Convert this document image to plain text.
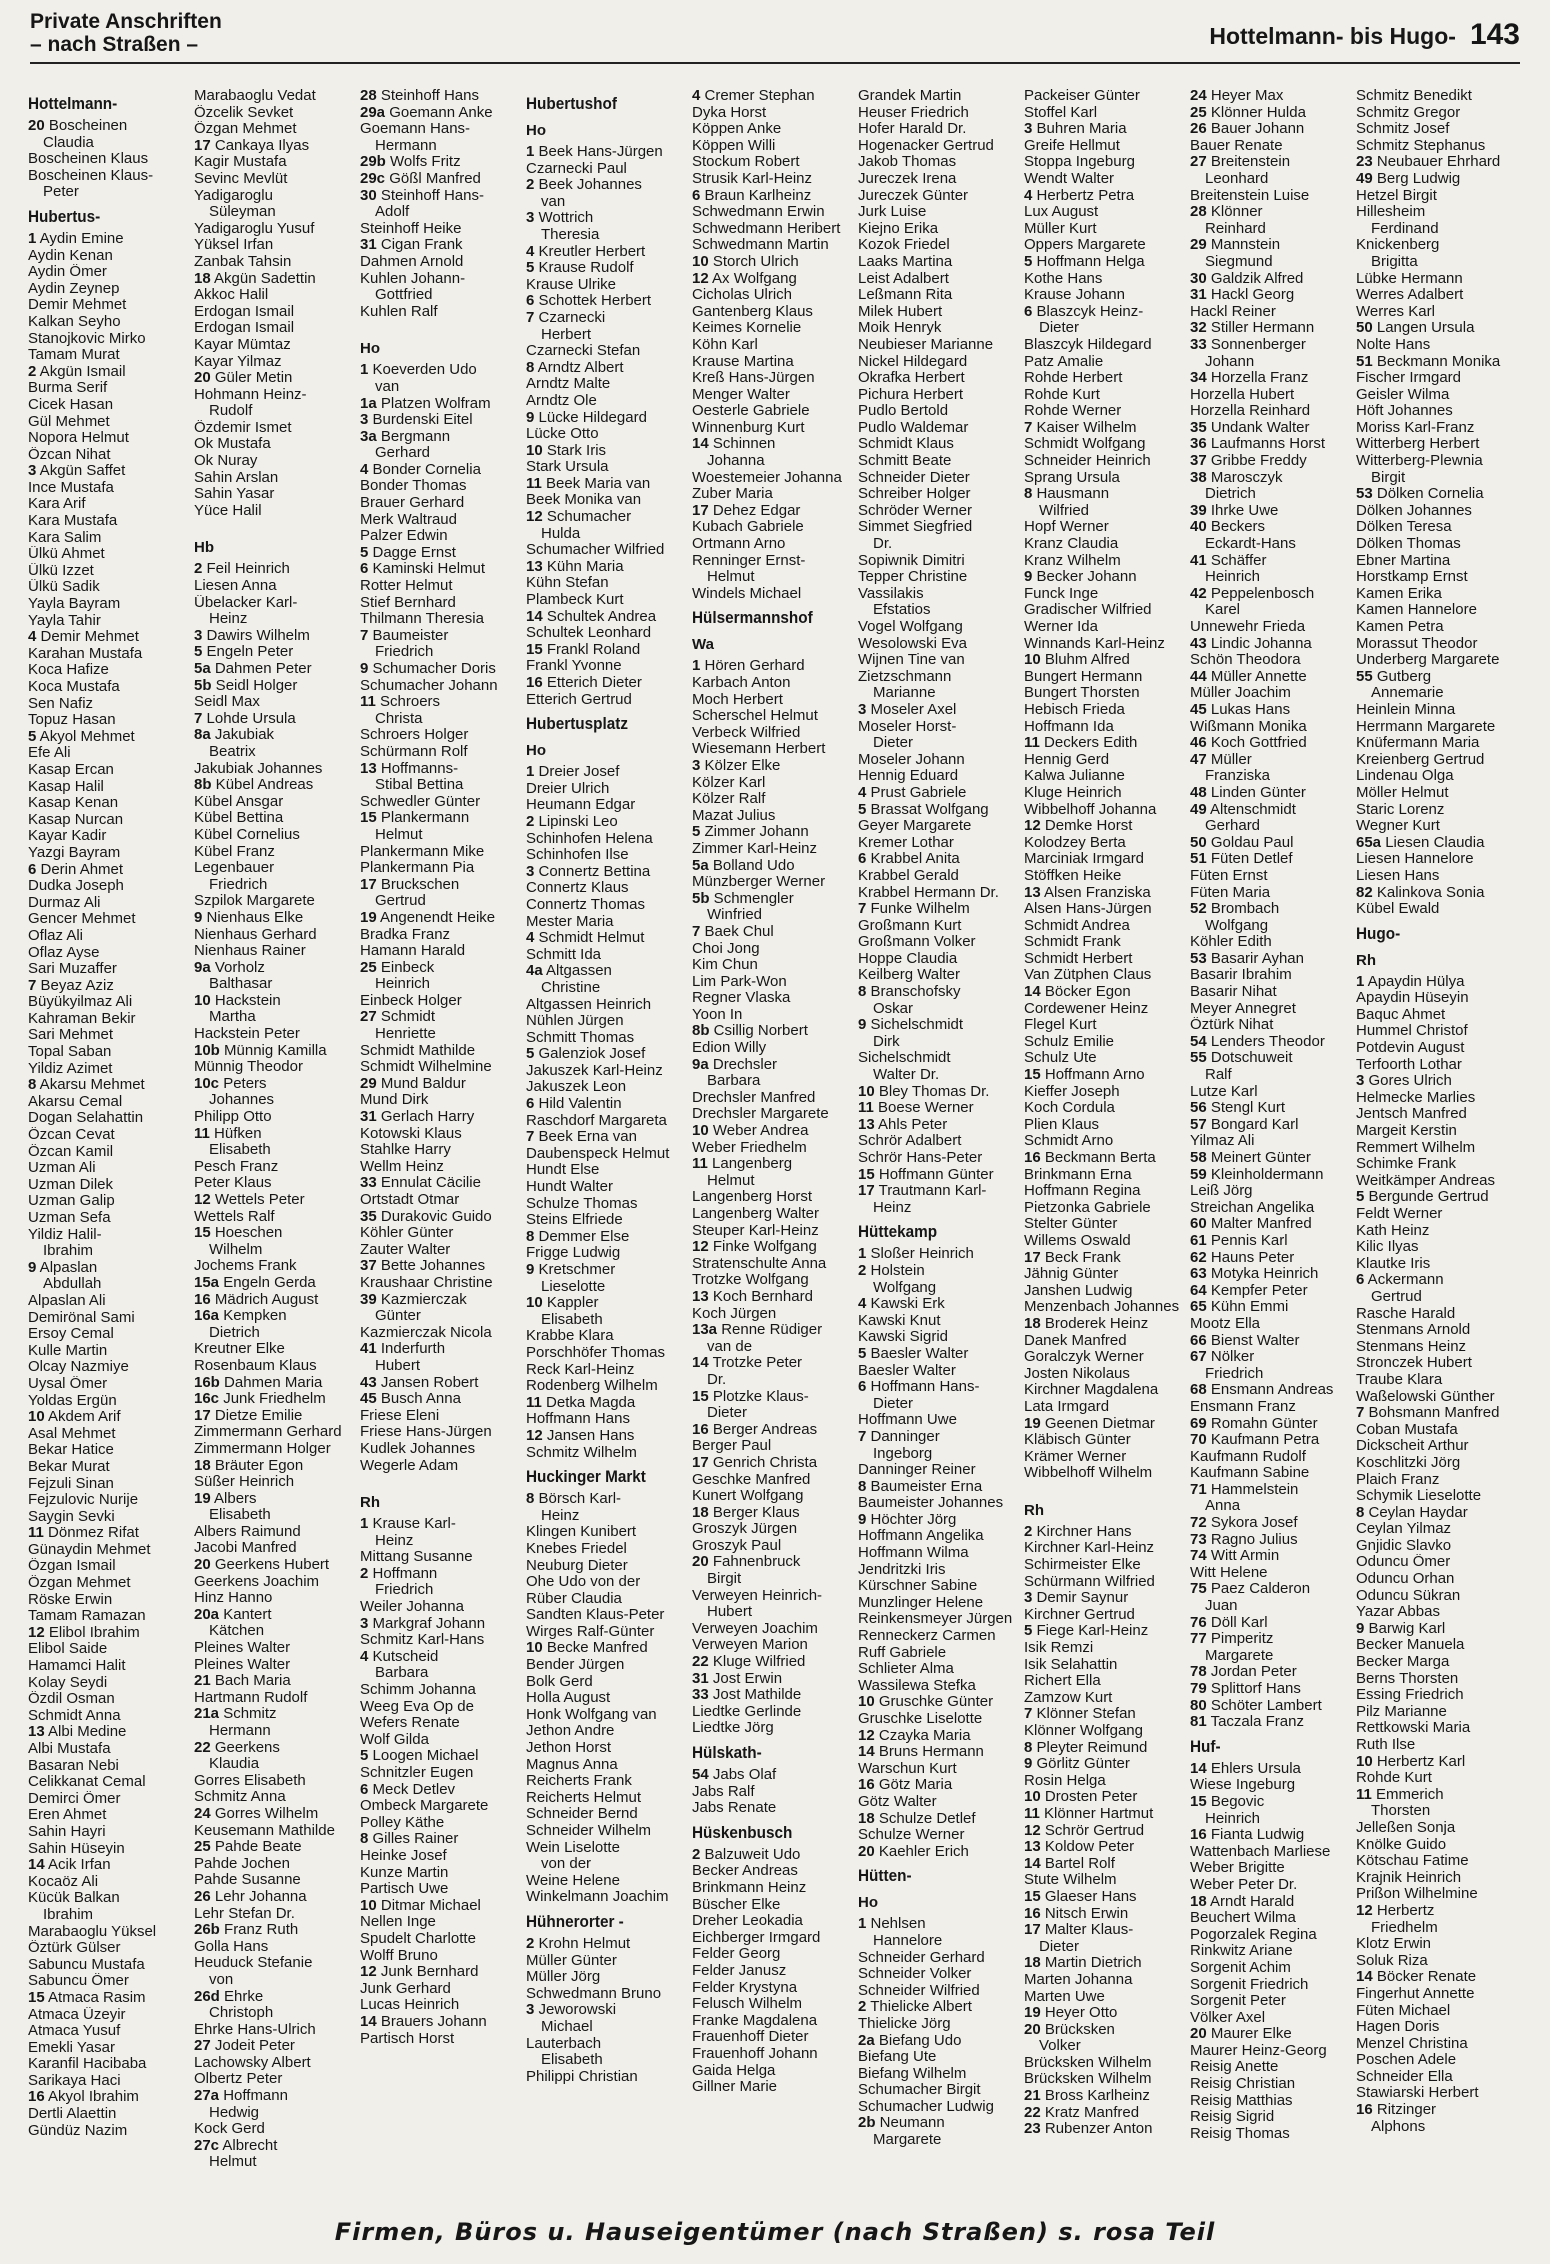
Private Anschriften
– nach Straßen –	Hottelmann- bis Hugo- 143
Hottelmann-
20 Boscheinen
Claudia
Boscheinen Klaus
Boscheinen Klaus-
Peter
Hubertus-
1 Aydin Emine
Aydin Kenan
Aydin Ömer
Aydin Zeynep
Demir Mehmet
Kalkan Seyho
Stanojkovic Mirko
Tamam Murat
2 Akgün Ismail
Burma Serif
Cicek Hasan
Gül Mehmet
Nopora Helmut
Özcan Nihat
3 Akgün Saffet
Ince Mustafa
Kara Arif
Kara Mustafa
Kara Salim
Ülkü Ahmet
Ülkü Izzet
Ülkü Sadik
Yayla Bayram
Yayla Tahir
4 Demir Mehmet
Karahan Mustafa
Koca Hafize
Koca Mustafa
Sen Nafiz
Topuz Hasan
5 Akyol Mehmet
Efe Ali
Kasap Ercan
Kasap Halil
Kasap Kenan
Kasap Nurcan
Kayar Kadir
Yazgi Bayram
6 Derin Ahmet
Dudka Joseph
Durmaz Ali
Gencer Mehmet
Oflaz Ali
Oflaz Ayse
Sari Muzaffer
7 Beyaz Aziz
Büyükyilmaz Ali
Kahraman Bekir
Sari Mehmet
Topal Saban
Yildiz Azimet
8 Akarsu Mehmet
Akarsu Cemal
Dogan Selahattin
Özcan Cevat
Özcan Kamil
Uzman Ali
Uzman Dilek
Uzman Galip
Uzman Sefa
Yildiz Halil-
Ibrahim
9 Alpaslan
Abdullah
Alpaslan Ali
Demirönal Sami
Ersoy Cemal
Kulle Martin
Olcay Nazmiye
Uysal Ömer
Yoldas Ergün
10 Akdem Arif
Asal Mehmet
Bekar Hatice
Bekar Murat
Fejzuli Sinan
Fejzulovic Nurije
Saygin Sevki
11 Dönmez Rifat
Günaydin Mehmet
Özgan Ismail
Özgan Mehmet
Röske Erwin
Tamam Ramazan
12 Elibol Ibrahim
Elibol Saide
Hamamci Halit
Kolay Seydi
Özdil Osman
Schmidt Anna
13 Albi Medine
Albi Mustafa
Basaran Nebi
Celikkanat Cemal
Demirci Ömer
Eren Ahmet
Sahin Hayri
Sahin Hüseyin
14 Acik Irfan
Kocaöz Ali
Kücük Balkan
Ibrahim
Marabaoglu Yüksel
Öztürk Gülser
Sabuncu Mustafa
Sabuncu Ömer
15 Atmaca Rasim
Atmaca Üzeyir
Atmaca Yusuf
Emekli Yasar
Karanfil Hacibaba
Sarikaya Haci
16 Akyol Ibrahim
Dertli Alaettin
Gündüz Nazim
Marabaoglu Vedat
Özcelik Sevket
Özgan Mehmet
17 Cankaya Ilyas
Kagir Mustafa
Sevinc Mevlüt
Yadigaroglu
Süleyman
Yadigaroglu Yusuf
Yüksel Irfan
Zanbak Tahsin
18 Akgün Sadettin
Akkoc Halil
Erdogan Ismail
Erdogan Ismail
Kayar Mümtaz
Kayar Yilmaz
20 Güler Metin
Hohmann Heinz-
Rudolf
Özdemir Ismet
Ok Mustafa
Ok Nuray
Sahin Arslan
Sahin Yasar
Yüce Halil
Hb
2 Feil Heinrich
Liesen Anna
Übelacker Karl-
Heinz
3 Dawirs Wilhelm
5 Engeln Peter
5a Dahmen Peter
5b Seidl Holger
Seidl Max
7 Lohde Ursula
8a Jakubiak
Beatrix
Jakubiak Johannes
8b Kübel Andreas
Kübel Ansgar
Kübel Bettina
Kübel Cornelius
Kübel Franz
Legenbauer
Friedrich
Szpilok Margarete
9 Nienhaus Elke
Nienhaus Gerhard
Nienhaus Rainer
9a Vorholz
Balthasar
10 Hackstein
Martha
Hackstein Peter
10b Münnig Kamilla
Münnig Theodor
10c Peters
Johannes
Philipp Otto
11 Hüfken
Elisabeth
Pesch Franz
Peter Klaus
12 Wettels Peter
Wettels Ralf
15 Hoeschen
Wilhelm
Jochems Frank
15a Engeln Gerda
16 Mädrich August
16a Kempken
Dietrich
Kreutner Elke
Rosenbaum Klaus
16b Dahmen Maria
16c Junk Friedhelm
17 Dietze Emilie
Zimmermann Gerhard
Zimmermann Holger
18 Bräuter Egon
Süßer Heinrich
19 Albers
Elisabeth
Albers Raimund
Jacobi Manfred
20 Geerkens Hubert
Geerkens Joachim
Hinz Hanno
20a Kantert
Kätchen
Pleines Walter
Pleines Walter
21 Bach Maria
Hartmann Rudolf
21a Schmitz
Hermann
22 Geerkens
Klaudia
Gorres Elisabeth
Schmitz Anna
24 Gorres Wilhelm
Keusemann Mathilde
25 Pahde Beate
Pahde Jochen
Pahde Susanne
26 Lehr Johanna
Lehr Stefan Dr.
26b Franz Ruth
Golla Hans
Heuduck Stefanie
von
26d Ehrke
Christoph
Ehrke Hans-Ulrich
27 Jodeit Peter
Lachowsky Albert
Olbertz Peter
27a Hoffmann
Hedwig
Kock Gerd
27c Albrecht
Helmut
28 Steinhoff Hans
29a Goemann Anke
Goemann Hans-
Hermann
29b Wolfs Fritz
29c Gößl Manfred
30 Steinhoff Hans-
Adolf
Steinhoff Heike
31 Cigan Frank
Dahmen Arnold
Kuhlen Johann-
Gottfried
Kuhlen Ralf
Ho
1 Koeverden Udo
van
1a Platzen Wolfram
3 Burdenski Eitel
3a Bergmann
Gerhard
4 Bonder Cornelia
Bonder Thomas
Brauer Gerhard
Merk Waltraud
Palzer Edwin
5 Dagge Ernst
6 Kaminski Helmut
Rotter Helmut
Stief Bernhard
Thilmann Theresia
7 Baumeister
Friedrich
9 Schumacher Doris
Schumacher Johann
11 Schroers
Christa
Schroers Holger
Schürmann Rolf
13 Hoffmanns-
Stibal Bettina
Schwedler Günter
15 Plankermann
Helmut
Plankermann Mike
Plankermann Pia
17 Bruckschen
Gertrud
19 Angenendt Heike
Bradka Franz
Hamann Harald
25 Einbeck
Heinrich
Einbeck Holger
27 Schmidt
Henriette
Schmidt Mathilde
Schmidt Wilhelmine
29 Mund Baldur
Mund Dirk
31 Gerlach Harry
Kotowski Klaus
Stahlke Harry
Wellm Heinz
33 Ennulat Cäcilie
Ortstadt Otmar
35 Durakovic Guido
Köhler Günter
Zauter Walter
37 Bette Johannes
Kraushaar Christine
39 Kazmierczak
Günter
Kazmierczak Nicola
41 Inderfurth
Hubert
43 Jansen Robert
45 Busch Anna
Friese Eleni
Friese Hans-Jürgen
Kudlek Johannes
Wegerle Adam
Rh
1 Krause Karl-
Heinz
Mittang Susanne
2 Hoffmann
Friedrich
Weiler Johanna
3 Markgraf Johann
Schmitz Karl-Hans
4 Kutscheid
Barbara
Schimm Johanna
Weeg Eva Op de
Wefers Renate
Wolf Gilda
5 Loogen Michael
Schnitzler Eugen
6 Meck Detlev
Ombeck Margarete
Polley Käthe
8 Gilles Rainer
Heinke Josef
Kunze Martin
Partisch Uwe
10 Ditmar Michael
Nellen Inge
Spudelt Charlotte
Wolff Bruno
12 Junk Bernhard
Junk Gerhard
Lucas Heinrich
14 Brauers Johann
Partisch Horst
Hubertushof
Ho
1 Beek Hans-Jürgen
Czarnecki Paul
2 Beek Johannes
van
3 Wottrich
Theresia
4 Kreutler Herbert
5 Krause Rudolf
Krause Ulrike
6 Schottek Herbert
7 Czarnecki
Herbert
Czarnecki Stefan
8 Arndtz Albert
Arndtz Malte
Arndtz Ole
9 Lücke Hildegard
Lücke Otto
10 Stark Iris
Stark Ursula
11 Beek Maria van
Beek Monika van
12 Schumacher
Hulda
Schumacher Wilfried
13 Kühn Maria
Kühn Stefan
Plambeck Kurt
14 Schultek Andrea
Schultek Leonhard
15 Frankl Roland
Frankl Yvonne
16 Etterich Dieter
Etterich Gertrud
Hubertusplatz
Ho
1 Dreier Josef
Dreier Ulrich
Heumann Edgar
2 Lipinski Leo
Schinhofen Helena
Schinhofen Ilse
3 Connertz Bettina
Connertz Klaus
Connertz Thomas
Mester Maria
4 Schmidt Helmut
Schmitt Ida
4a Altgassen
Christine
Altgassen Heinrich
Nühlen Jürgen
Schmitt Thomas
5 Galenziok Josef
Jakuszek Karl-Heinz
Jakuszek Leon
6 Hild Valentin
Raschdorf Margareta
7 Beek Erna van
Daubenspeck Helmut
Hundt Else
Hundt Walter
Schulze Thomas
Steins Elfriede
8 Demmer Else
Frigge Ludwig
9 Kretschmer
Lieselotte
10 Kappler
Elisabeth
Krabbe Klara
Porschhöfer Thomas
Reck Karl-Heinz
Rodenberg Wilhelm
11 Detka Magda
Hoffmann Hans
12 Jansen Hans
Schmitz Wilhelm
Huckinger Markt
8 Börsch Karl-
Heinz
Klingen Kunibert
Knebes Friedel
Neuburg Dieter
Ohe Udo von der
Rüber Claudia
Sandten Klaus-Peter
Wirges Ralf-Günter
10 Becke Manfred
Bender Jürgen
Bolk Gerd
Holla August
Honk Wolfgang van
Jethon Andre
Jethon Horst
Magnus Anna
Reicherts Frank
Reicherts Helmut
Schneider Bernd
Schneider Wilhelm
Wein Liselotte
von der
Weine Helene
Winkelmann Joachim
Hühnerorter -
2 Krohn Helmut
Müller Günter
Müller Jörg
Schwedmann Bruno
3 Jeworowski
Michael
Lauterbach
Elisabeth
Philippi Christian
4 Cremer Stephan
Dyka Horst
Köppen Anke
Köppen Willi
Stockum Robert
Strusik Karl-Heinz
6 Braun Karlheinz
Schwedmann Erwin
Schwedmann Heribert
Schwedmann Martin
10 Storch Ulrich
12 Ax Wolfgang
Cicholas Ulrich
Gantenberg Klaus
Keimes Kornelie
Köhn Karl
Krause Martina
Kreß Hans-Jürgen
Menger Walter
Oesterle Gabriele
Winnenburg Kurt
14 Schinnen
Johanna
Woestemeier Johanna
Zuber Maria
17 Dehez Edgar
Kubach Gabriele
Ortmann Arno
Renninger Ernst-
Helmut
Windels Michael
Hülsermannshof
Wa
1 Hören Gerhard
Karbach Anton
Moch Herbert
Scherschel Helmut
Verbeck Wilfried
Wiesemann Herbert
3 Kölzer Elke
Kölzer Karl
Kölzer Ralf
Mazat Julius
5 Zimmer Johann
Zimmer Karl-Heinz
5a Bolland Udo
Münzberger Werner
5b Schmengler
Winfried
7 Baek Chul
Choi Jong
Kim Chun
Lim Park-Won
Regner Vlaska
Yoon In
8b Csillig Norbert
Edion Willy
9a Drechsler
Barbara
Drechsler Manfred
Drechsler Margarete
10 Weber Andrea
Weber Friedhelm
11 Langenberg
Helmut
Langenberg Horst
Langenberg Walter
Steuper Karl-Heinz
12 Finke Wolfgang
Stratenschulte Anna
Trotzke Wolfgang
13 Koch Bernhard
Koch Jürgen
13a Renne Rüdiger
van de
14 Trotzke Peter
Dr.
15 Plotzke Klaus-
Dieter
16 Berger Andreas
Berger Paul
17 Genrich Christa
Geschke Manfred
Kunert Wolfgang
18 Berger Klaus
Groszyk Jürgen
Groszyk Paul
20 Fahnenbruck
Birgit
Verweyen Heinrich-
Hubert
Verweyen Joachim
Verweyen Marion
22 Kluge Wilfried
31 Jost Erwin
33 Jost Mathilde
Liedtke Gerlinde
Liedtke Jörg
Hülskath-
54 Jabs Olaf
Jabs Ralf
Jabs Renate
Hüskenbusch
2 Balzuweit Udo
Becker Andreas
Brinkmann Heinz
Büscher Elke
Dreher Leokadia
Eichberger Irmgard
Felder Georg
Felder Janusz
Felder Krystyna
Felusch Wilhelm
Franke Magdalena
Frauenhoff Dieter
Frauenhoff Johann
Gaida Helga
Gillner Marie
Grandek Martin
Heuser Friedrich
Hofer Harald Dr.
Hogenacker Gertrud
Jakob Thomas
Jureczek Irena
Jureczek Günter
Jurk Luise
Kiejno Erika
Kozok Friedel
Laaks Martina
Leist Adalbert
Leßmann Rita
Milek Hubert
Moik Henryk
Neubieser Marianne
Nickel Hildegard
Okrafka Herbert
Pichura Herbert
Pudlo Bertold
Pudlo Waldemar
Schmidt Klaus
Schmitt Beate
Schneider Dieter
Schreiber Holger
Schröder Werner
Simmet Siegfried
Dr.
Sopiwnik Dimitri
Tepper Christine
Vassilakis
Efstatios
Vogel Wolfgang
Wesolowski Eva
Wijnen Tine van
Zietzschmann
Marianne
3 Moseler Axel
Moseler Horst-
Dieter
Moseler Johann
Hennig Eduard
4 Prust Gabriele
5 Brassat Wolfgang
Geyer Margarete
Kremer Lothar
6 Krabbel Anita
Krabbel Gerald
Krabbel Hermann Dr.
7 Funke Wilhelm
Großmann Kurt
Großmann Volker
Hoppe Claudia
Keilberg Walter
8 Branschofsky
Oskar
9 Sichelschmidt
Dirk
Sichelschmidt
Walter Dr.
10 Bley Thomas Dr.
11 Boese Werner
13 Ahls Peter
Schrör Adalbert
Schrör Hans-Peter
15 Hoffmann Günter
17 Trautmann Karl-
Heinz
Hüttekamp
1 Sloßer Heinrich
2 Holstein
Wolfgang
4 Kawski Erk
Kawski Knut
Kawski Sigrid
5 Baesler Walter
Baesler Walter
6 Hoffmann Hans-
Dieter
Hoffmann Uwe
7 Danninger
Ingeborg
Danninger Reiner
8 Baumeister Erna
Baumeister Johannes
9 Höchter Jörg
Hoffmann Angelika
Hoffmann Wilma
Jendritzki Iris
Kürschner Sabine
Munzlinger Helene
Reinkensmeyer Jürgen
Renneckerz Carmen
Ruff Gabriele
Schlieter Alma
Wassilewa Stefka
10 Gruschke Günter
Gruschke Liselotte
12 Czayka Maria
14 Bruns Hermann
Warschun Kurt
16 Götz Maria
Götz Walter
18 Schulze Detlef
Schulze Werner
20 Kaehler Erich
Hütten-
Ho
1 Nehlsen
Hannelore
Schneider Gerhard
Schneider Volker
Schneider Wilfried
2 Thielicke Albert
Thielicke Jörg
2a Biefang Udo
Biefang Ute
Biefang Wilhelm
Schumacher Birgit
Schumacher Ludwig
2b Neumann
Margarete
Packeiser Günter
Stoffel Karl
3 Buhren Maria
Greife Hellmut
Stoppa Ingeburg
Wendt Walter
4 Herbertz Petra
Lux August
Müller Kurt
Oppers Margarete
5 Hoffmann Helga
Kothe Hans
Krause Johann
6 Blaszcyk Heinz-
Dieter
Blaszcyk Hildegard
Patz Amalie
Rohde Herbert
Rohde Kurt
Rohde Werner
7 Kaiser Wilhelm
Schmidt Wolfgang
Schneider Heinrich
Sprang Ursula
8 Hausmann
Wilfried
Hopf Werner
Kranz Claudia
Kranz Wilhelm
9 Becker Johann
Funck Inge
Gradischer Wilfried
Werner Ida
Winnands Karl-Heinz
10 Bluhm Alfred
Bungert Hermann
Bungert Thorsten
Hebisch Frieda
Hoffmann Ida
11 Deckers Edith
Hennig Gerd
Kalwa Julianne
Kluge Heinrich
Wibbelhoff Johanna
12 Demke Horst
Kolodzey Berta
Marciniak Irmgard
Stöffken Heike
13 Alsen Franziska
Alsen Hans-Jürgen
Schmidt Andrea
Schmidt Frank
Schmidt Herbert
Van Zütphen Claus
14 Böcker Egon
Cordewener Heinz
Flegel Kurt
Schulz Emilie
Schulz Ute
15 Hoffmann Arno
Kieffer Joseph
Koch Cordula
Plien Klaus
Schmidt Arno
16 Beckmann Berta
Brinkmann Erna
Hoffmann Regina
Pietzonka Gabriele
Stelter Günter
Willems Oswald
17 Beck Frank
Jähnig Günter
Janshen Ludwig
Menzenbach Johannes
18 Broderek Heinz
Danek Manfred
Goralczyk Werner
Josten Nikolaus
Kirchner Magdalena
Lata Irmgard
19 Geenen Dietmar
Kläbisch Günter
Krämer Werner
Wibbelhoff Wilhelm
Rh
2 Kirchner Hans
Kirchner Karl-Heinz
Schirmeister Elke
Schürmann Wilfried
3 Demir Saynur
Kirchner Gertrud
5 Fiege Karl-Heinz
Isik Remzi
Isik Selahattin
Richert Ella
Zamzow Kurt
7 Klönner Stefan
Klönner Wolfgang
8 Pleyter Reimund
9 Görlitz Günter
Rosin Helga
10 Drosten Peter
11 Klönner Hartmut
12 Schrör Gertrud
13 Koldow Peter
14 Bartel Rolf
Stute Wilhelm
15 Glaeser Hans
16 Nitsch Erwin
17 Malter Klaus-
Dieter
18 Martin Dietrich
Marten Johanna
Marten Uwe
19 Heyer Otto
20 Brücksken
Volker
Brücksken Wilhelm
Brücksken Wilhelm
21 Bross Karlheinz
22 Kratz Manfred
23 Rubenzer Anton
24 Heyer Max
25 Klönner Hulda
26 Bauer Johann
Bauer Renate
27 Breitenstein
Leonhard
Breitenstein Luise
28 Klönner
Reinhard
29 Mannstein
Siegmund
30 Galdzik Alfred
31 Hackl Georg
Hackl Reiner
32 Stiller Hermann
33 Sonnenberger
Johann
34 Horzella Franz
Horzella Hubert
Horzella Reinhard
35 Undank Walter
36 Laufmanns Horst
37 Gribbe Freddy
38 Marosczyk
Dietrich
39 Ihrke Uwe
40 Beckers
Eckardt-Hans
41 Schäffer
Heinrich
42 Peppelenbosch
Karel
Unnewehr Frieda
43 Lindic Johanna
Schön Theodora
44 Müller Annette
Müller Joachim
45 Lukas Hans
Wißmann Monika
46 Koch Gottfried
47 Müller
Franziska
48 Linden Günter
49 Altenschmidt
Gerhard
50 Goldau Paul
51 Füten Detlef
Füten Ernst
Füten Maria
52 Brombach
Wolfgang
Köhler Edith
53 Basarir Ayhan
Basarir Ibrahim
Basarir Nihat
Meyer Annegret
Öztürk Nihat
54 Lenders Theodor
55 Dotschuweit
Ralf
Lutze Karl
56 Stengl Kurt
57 Bongard Karl
Yilmaz Ali
58 Meinert Günter
59 Kleinholdermann
Leiß Jörg
Streichan Angelika
60 Malter Manfred
61 Pennis Karl
62 Hauns Peter
63 Motyka Heinrich
64 Kempfer Peter
65 Kühn Emmi
Mootz Ella
66 Bienst Walter
67 Nölker
Friedrich
68 Ensmann Andreas
Ensmann Franz
69 Romahn Günter
70 Kaufmann Petra
Kaufmann Rudolf
Kaufmann Sabine
71 Hammelstein
Anna
72 Sykora Josef
73 Ragno Julius
74 Witt Armin
Witt Helene
75 Paez Calderon
Juan
76 Döll Karl
77 Pimperitz
Margarete
78 Jordan Peter
79 Splittorf Hans
80 Schöter Lambert
81 Taczala Franz
Huf-
14 Ehlers Ursula
Wiese Ingeburg
15 Begovic
Heinrich
16 Fianta Ludwig
Wattenbach Marliese
Weber Brigitte
Weber Peter Dr.
18 Arndt Harald
Beuchert Wilma
Pogorzalek Regina
Rinkwitz Ariane
Sorgenit Achim
Sorgenit Friedrich
Sorgenit Peter
Völker Axel
20 Maurer Elke
Maurer Heinz-Georg
Reisig Anette
Reisig Christian
Reisig Matthias
Reisig Sigrid
Reisig Thomas
Schmitz Benedikt
Schmitz Gregor
Schmitz Josef
Schmitz Stephanus
23 Neubauer Ehrhard
49 Berg Ludwig
Hetzel Birgit
Hillesheim
Ferdinand
Knickenberg
Brigitta
Lübke Hermann
Werres Adalbert
Werres Karl
50 Langen Ursula
Nolte Hans
51 Beckmann Monika
Fischer Irmgard
Geisler Wilma
Höft Johannes
Moriss Karl-Franz
Witterberg Herbert
Witterberg-Plewnia
Birgit
53 Dölken Cornelia
Dölken Johannes
Dölken Teresa
Dölken Thomas
Ebner Martina
Horstkamp Ernst
Kamen Erika
Kamen Hannelore
Kamen Petra
Morassut Theodor
Underberg Margarete
55 Gutberg
Annemarie
Heinlein Minna
Herrmann Margarete
Knüfermann Maria
Kreienberg Gertrud
Lindenau Olga
Möller Helmut
Staric Lorenz
Wegner Kurt
65a Liesen Claudia
Liesen Hannelore
Liesen Hans
82 Kalinkova Sonia
Kübel Ewald
Hugo-
Rh
1 Apaydin Hülya
Apaydin Hüseyin
Baquc Ahmet
Hummel Christof
Potdevin August
Terfoorth Lothar
3 Gores Ulrich
Helmecke Marlies
Jentsch Manfred
Margeit Kerstin
Remmert Wilhelm
Schimke Frank
Weitkämper Andreas
5 Bergunde Gertrud
Feldt Werner
Kath Heinz
Kilic Ilyas
Klautke Iris
6 Ackermann
Gertrud
Rasche Harald
Stenmans Arnold
Stenmans Heinz
Stronczek Hubert
Traube Klara
Waßelowski Günther
7 Bohsmann Manfred
Coban Mustafa
Dickscheit Arthur
Koschlitzki Jörg
Plaich Franz
Schymik Lieselotte
8 Ceylan Haydar
Ceylan Yilmaz
Gnjidic Slavko
Oduncu Ömer
Oduncu Orhan
Oduncu Sükran
Yazar Abbas
9 Barwig Karl
Becker Manuela
Becker Marga
Berns Thorsten
Essing Friedrich
Pilz Marianne
Rettkowski Maria
Ruth Ilse
10 Herbertz Karl
Rohde Kurt
11 Emmerich
Thorsten
Jelleßen Sonja
Knölke Guido
Kötschau Fatime
Krajnik Heinrich
Prißon Wilhelmine
12 Herbertz
Friedhelm
Klotz Erwin
Soluk Riza
14 Böcker Renate
Fingerhut Annette
Füten Michael
Hagen Doris
Menzel Christina
Poschen Adele
Schneider Ella
Stawiarski Herbert
16 Ritzinger
Alphons
Firmen, Büros u. Hauseigentümer (nach Straßen) s. rosa Teil
